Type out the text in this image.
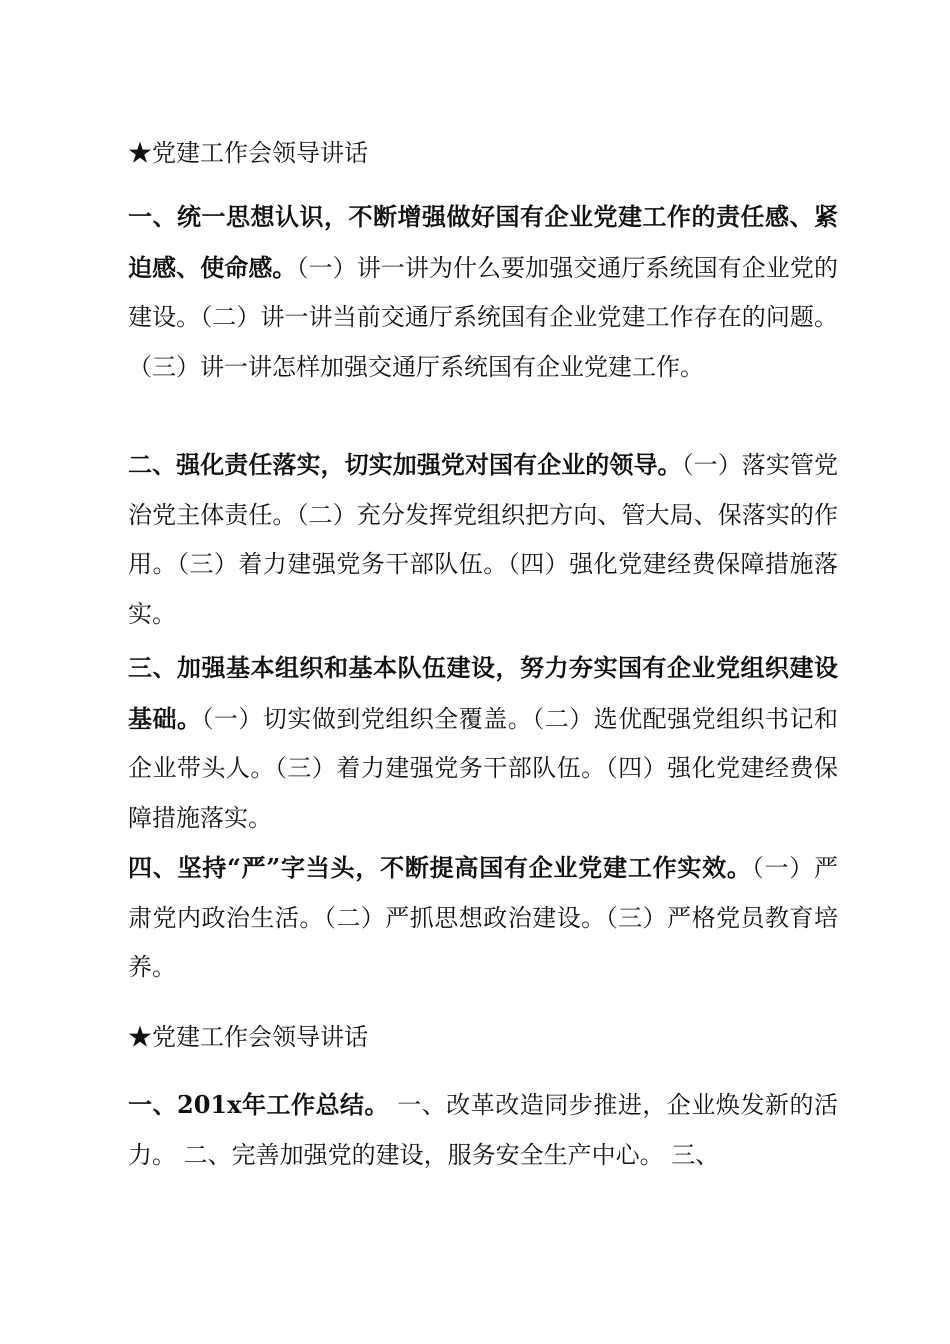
★党建工作会领导讲话

一、统一思想认识，不断增强做好国有企业党建工作的责任感、紧迫感、使命感。（一）讲一讲为什么要加强交通厅系统国有企业党的建设。（二）讲一讲当前交通厅系统国有企业党建工作存在的问题。（三）讲一讲怎样加强交通厅系统国有企业党建工作。

二、强化责任落实，切实加强党对国有企业的领导。（一）落实管党治党主体责任。（二）充分发挥党组织把方向、管大局、保落实的作用。（三）着力建强党务干部队伍。（四）强化党建经费保障措施落实。

三、加强基本组织和基本队伍建设，努力夯实国有企业党组织建设基础。（一）切实做到党组织全覆盖。（二）选优配强党组织书记和企业带头人。（三）着力建强党务干部队伍。（四）强化党建经费保障措施落实。

四、坚持“严”字当头，不断提高国有企业党建工作实效。（一）严肃党内政治生活。（二）严抓思想政治建设。（三）严格党员教育培养。

★党建工作会领导讲话

一、201x年工作总结。 一、改革改造同步推进，企业焕发新的活力。 二、完善加强党的建设，服务安全生产中心。 三、
